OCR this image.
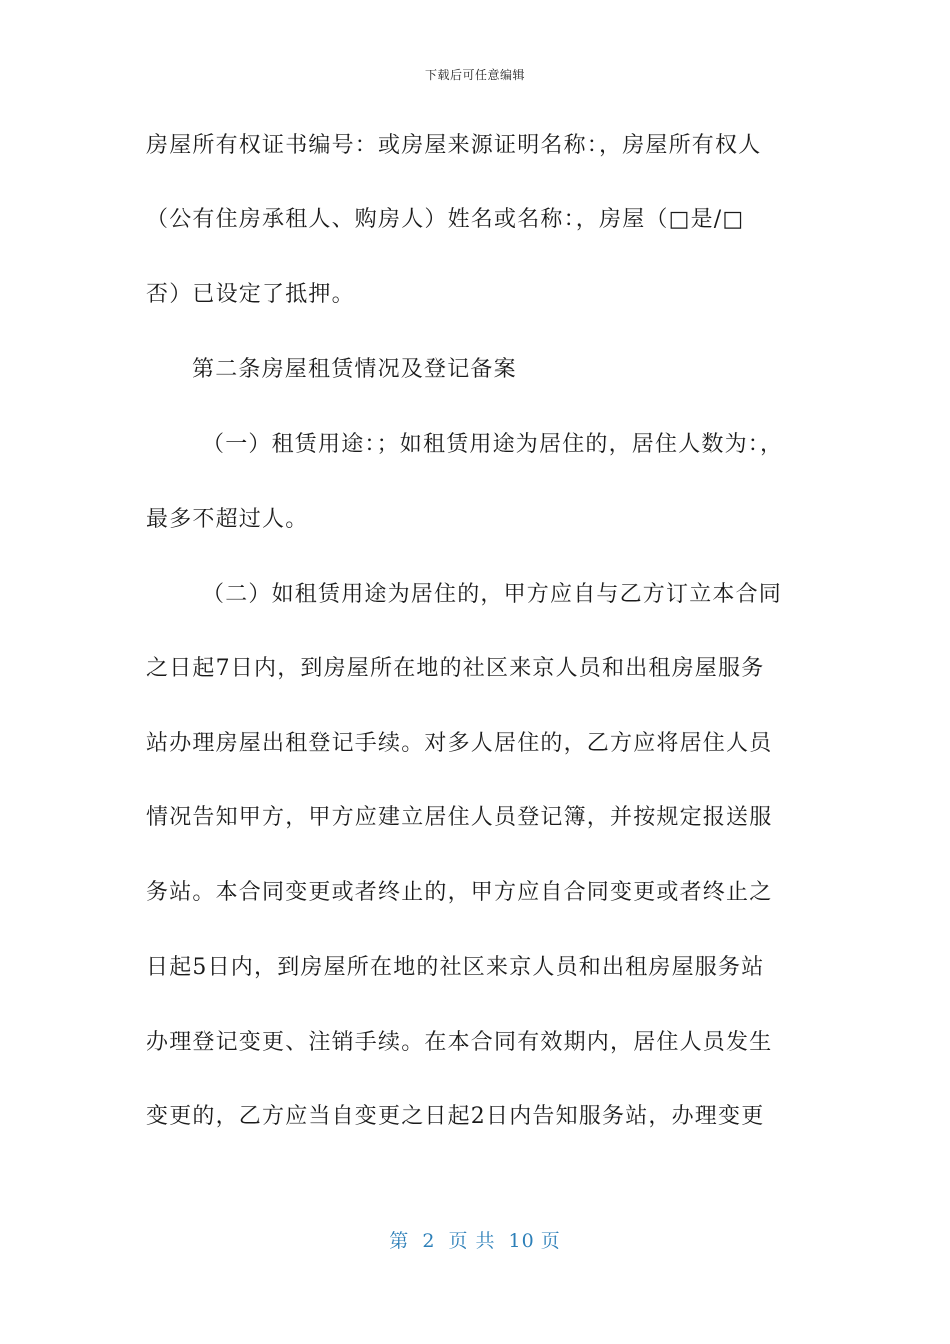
下载后可任意编辑
房屋所有权证书编号：或房屋来源证明名称：，房屋所有权人
（公有住房承租人、购房人）姓名或名称：，房屋（□是/□
否）已设定了抵押。
第二条房屋租赁情况及登记备案
（一）租赁用途：；如租赁用途为居住的，居住人数为：，
最多不超过人。
（二）如租赁用途为居住的，甲方应自与乙方订立本合同
之日起7日内，到房屋所在地的社区来京人员和出租房屋服务
站办理房屋出租登记手续。对多人居住的，乙方应将居住人员
情况告知甲方，甲方应建立居住人员登记簿，并按规定报送服
务站。本合同变更或者终止的，甲方应自合同变更或者终止之
日起5日内，到房屋所在地的社区来京人员和出租房屋服务站
办理登记变更、注销手续。在本合同有效期内，居住人员发生
变更的，乙方应当自变更之日起2日内告知服务站，办理变更
第 2 页 共 10 页
